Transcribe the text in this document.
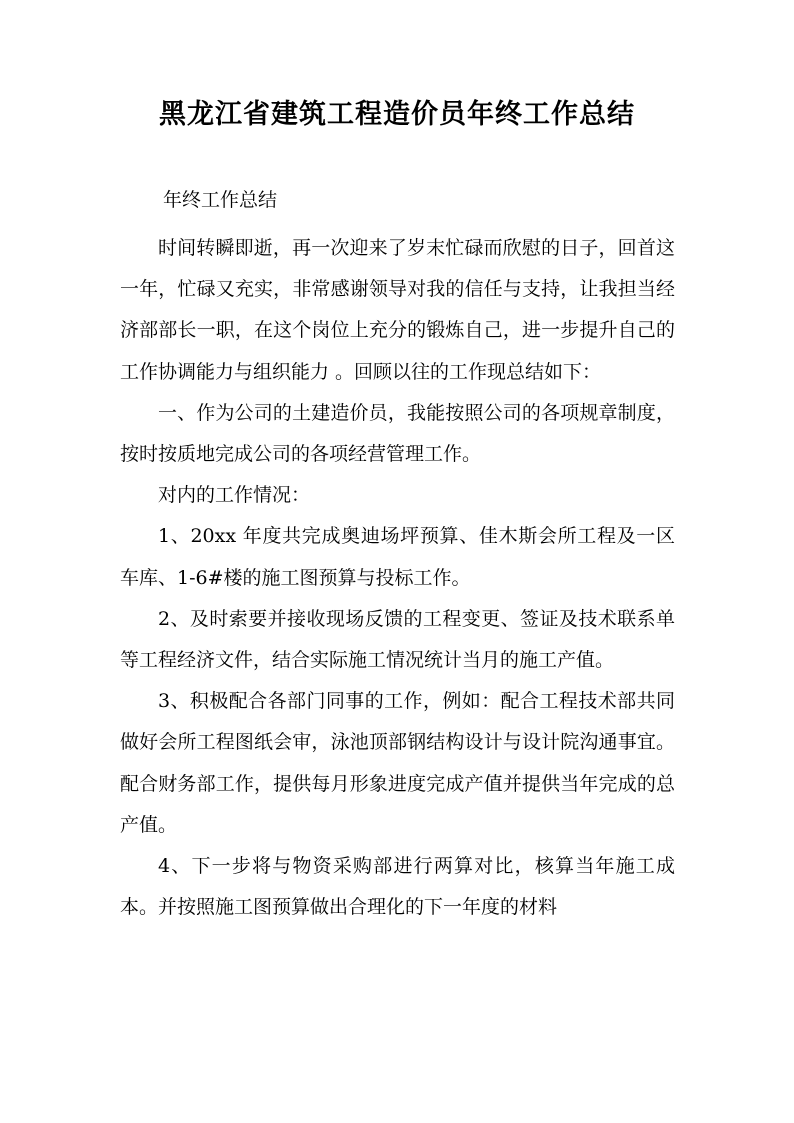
黑龙江省建筑工程造价员年终工作总结
年终工作总结

时间转瞬即逝，再一次迎来了岁末忙碌而欣慰的日子，回首这一年，忙碌又充实，非常感谢领导对我的信任与支持，让我担当经济部部长一职，在这个岗位上充分的锻炼自己，进一步提升自己的工作协调能力与组织能力 。回顾以往的工作现总结如下：

一、作为公司的土建造价员，我能按照公司的各项规章制度，按时按质地完成公司的各项经营管理工作。

对内的工作情况：

1、20xx 年度共完成奥迪场坪预算、佳木斯会所工程及一区车库、1-6#楼的施工图预算与投标工作。

2、及时索要并接收现场反馈的工程变更、签证及技术联系单等工程经济文件，结合实际施工情况统计当月的施工产值。

3、积极配合各部门同事的工作，例如：配合工程技术部共同做好会所工程图纸会审，泳池顶部钢结构设计与设计院沟通事宜。配合财务部工作，提供每月形象进度完成产值并提供当年完成的总产值。

4、下一步将与物资采购部进行两算对比，核算当年施工成本。并按照施工图预算做出合理化的下一年度的材料
